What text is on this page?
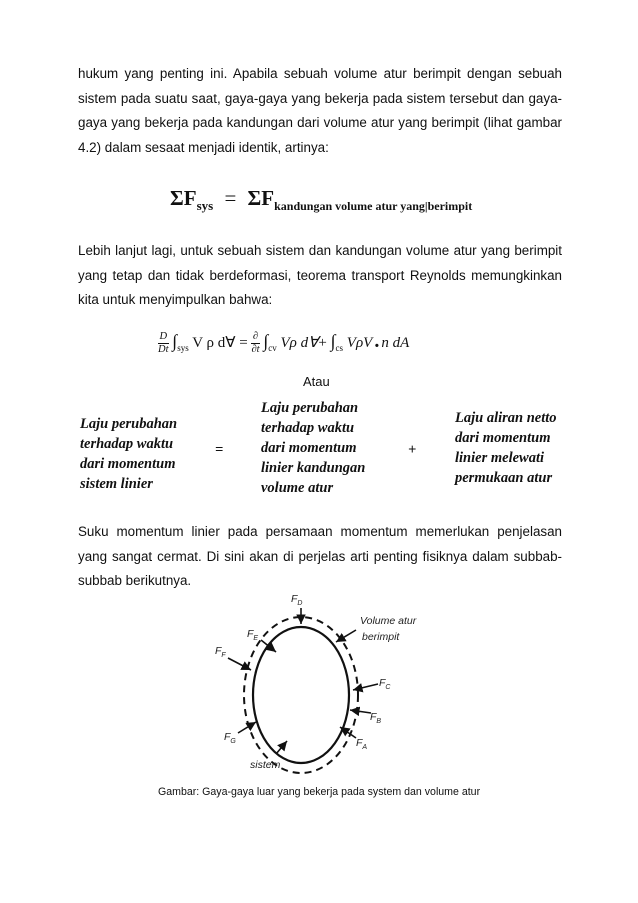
hukum yang penting ini. Apabila sebuah volume atur berimpit dengan sebuah sistem pada suatu saat, gaya-gaya yang bekerja pada sistem tersebut dan gaya-gaya yang bekerja pada kandungan dari volume atur yang berimpit (lihat gambar 4.2) dalam sesaat menjadi identik, artinya:
$\Sigma F_{sys} = \Sigma F_{kandungan volume atur yang|berimpit}$
Lebih lanjut lagi, untuk sebuah sistem dan kandungan volume atur yang berimpit yang tetap dan tidak berdeformasi, teorema transport Reynolds memungkinkan kita untuk menyimpulkan bahwa:
$\frac{D}{Dt} \int_{sys}$ V ρ d∀ = ∂
∂t $\int_{cv}$ Vρ d∀+ $\int_{cs}$ VρV . n dA
Atau
Laju perubahan
terhadap waktu
dari momentum
sistem linier
=
Laju perubahan
terhadap waktu
dari momentum
linier kandungan
volume atur
+
Laju aliran netto
dari momentum
linier melewati
permukaan atur
Suku momentum linier pada persamaan momentum memerlukan penjelasan yang sangat cermat. Di sini akan di perjelas arti penting fisiknya dalam subbab-subbab berikutnya.
$F_D$
$F_E$
$F_F$
$F_C$
$F_B$
$F_A$
$F_G$
Volume atur
berimpit
sistem
Gambar: Gaya-gaya luar yang bekerja pada system dan volume atur
